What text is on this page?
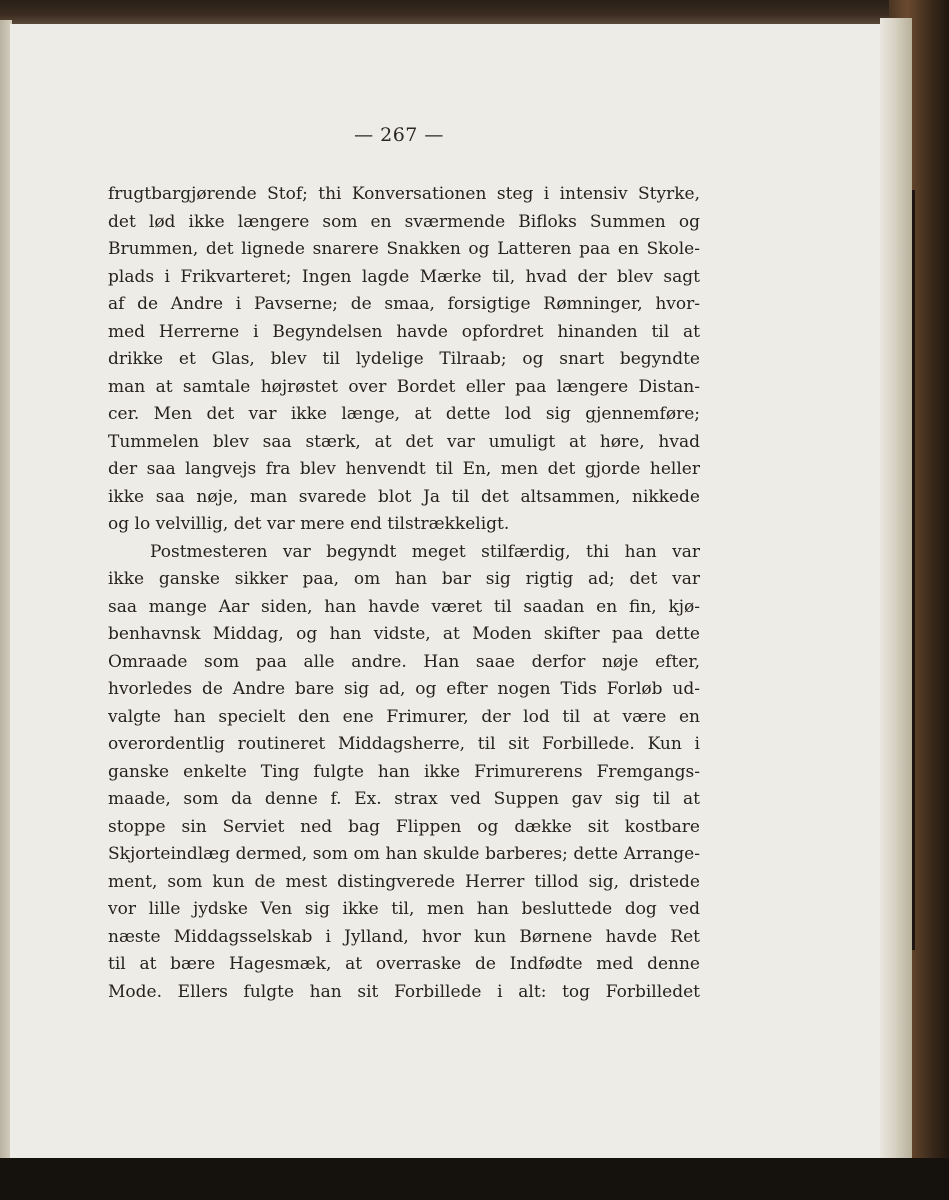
— 267 —
frugtbargjørende Stof; thi Konversationen steg i intensiv Styrke,
det lød ikke længere som en sværmende Bifloks Summen og
Brummen, det lignede snarere Snakken og Latteren paa en Skole-
plads i Frikvarteret; Ingen lagde Mærke til, hvad der blev sagt
af de Andre i Pavserne; de smaa, forsigtige Rømninger, hvor-
med Herrerne i Begyndelsen havde opfordret hinanden til at
drikke et Glas, blev til lydelige Tilraab; og snart begyndte
man at samtale højrøstet over Bordet eller paa længere Distan-
cer. Men det var ikke længe, at dette lod sig gjennemføre;
Tummelen blev saa stærk, at det var umuligt at høre, hvad
der saa langvejs fra blev henvendt til En, men det gjorde heller
ikke saa nøje, man svarede blot Ja til det altsammen, nikkede
og lo velvillig, det var mere end tilstrækkeligt.
Postmesteren var begyndt meget stilfærdig, thi han var
ikke ganske sikker paa, om han bar sig rigtig ad; det var
saa mange Aar siden, han havde været til saadan en fin, kjø-
benhavnsk Middag, og han vidste, at Moden skifter paa dette
Omraade som paa alle andre. Han saae derfor nøje efter,
hvorledes de Andre bare sig ad, og efter nogen Tids Forløb ud-
valgte han specielt den ene Frimurer, der lod til at være en
overordentlig routineret Middagsherre, til sit Forbillede. Kun i
ganske enkelte Ting fulgte han ikke Frimurerens Fremgangs-
maade, som da denne f. Ex. strax ved Suppen gav sig til at
stoppe sin Serviet ned bag Flippen og dække sit kostbare
Skjorteindlæg dermed, som om han skulde barberes; dette Arrange-
ment, som kun de mest distingverede Herrer tillod sig, dristede
vor lille jydske Ven sig ikke til, men han besluttede dog ved
næste Middagsselskab i Jylland, hvor kun Børnene havde Ret
til at bære Hagesmæk, at overraske de Indfødte med denne
Mode. Ellers fulgte han sit Forbillede i alt: tog Forbilledet
